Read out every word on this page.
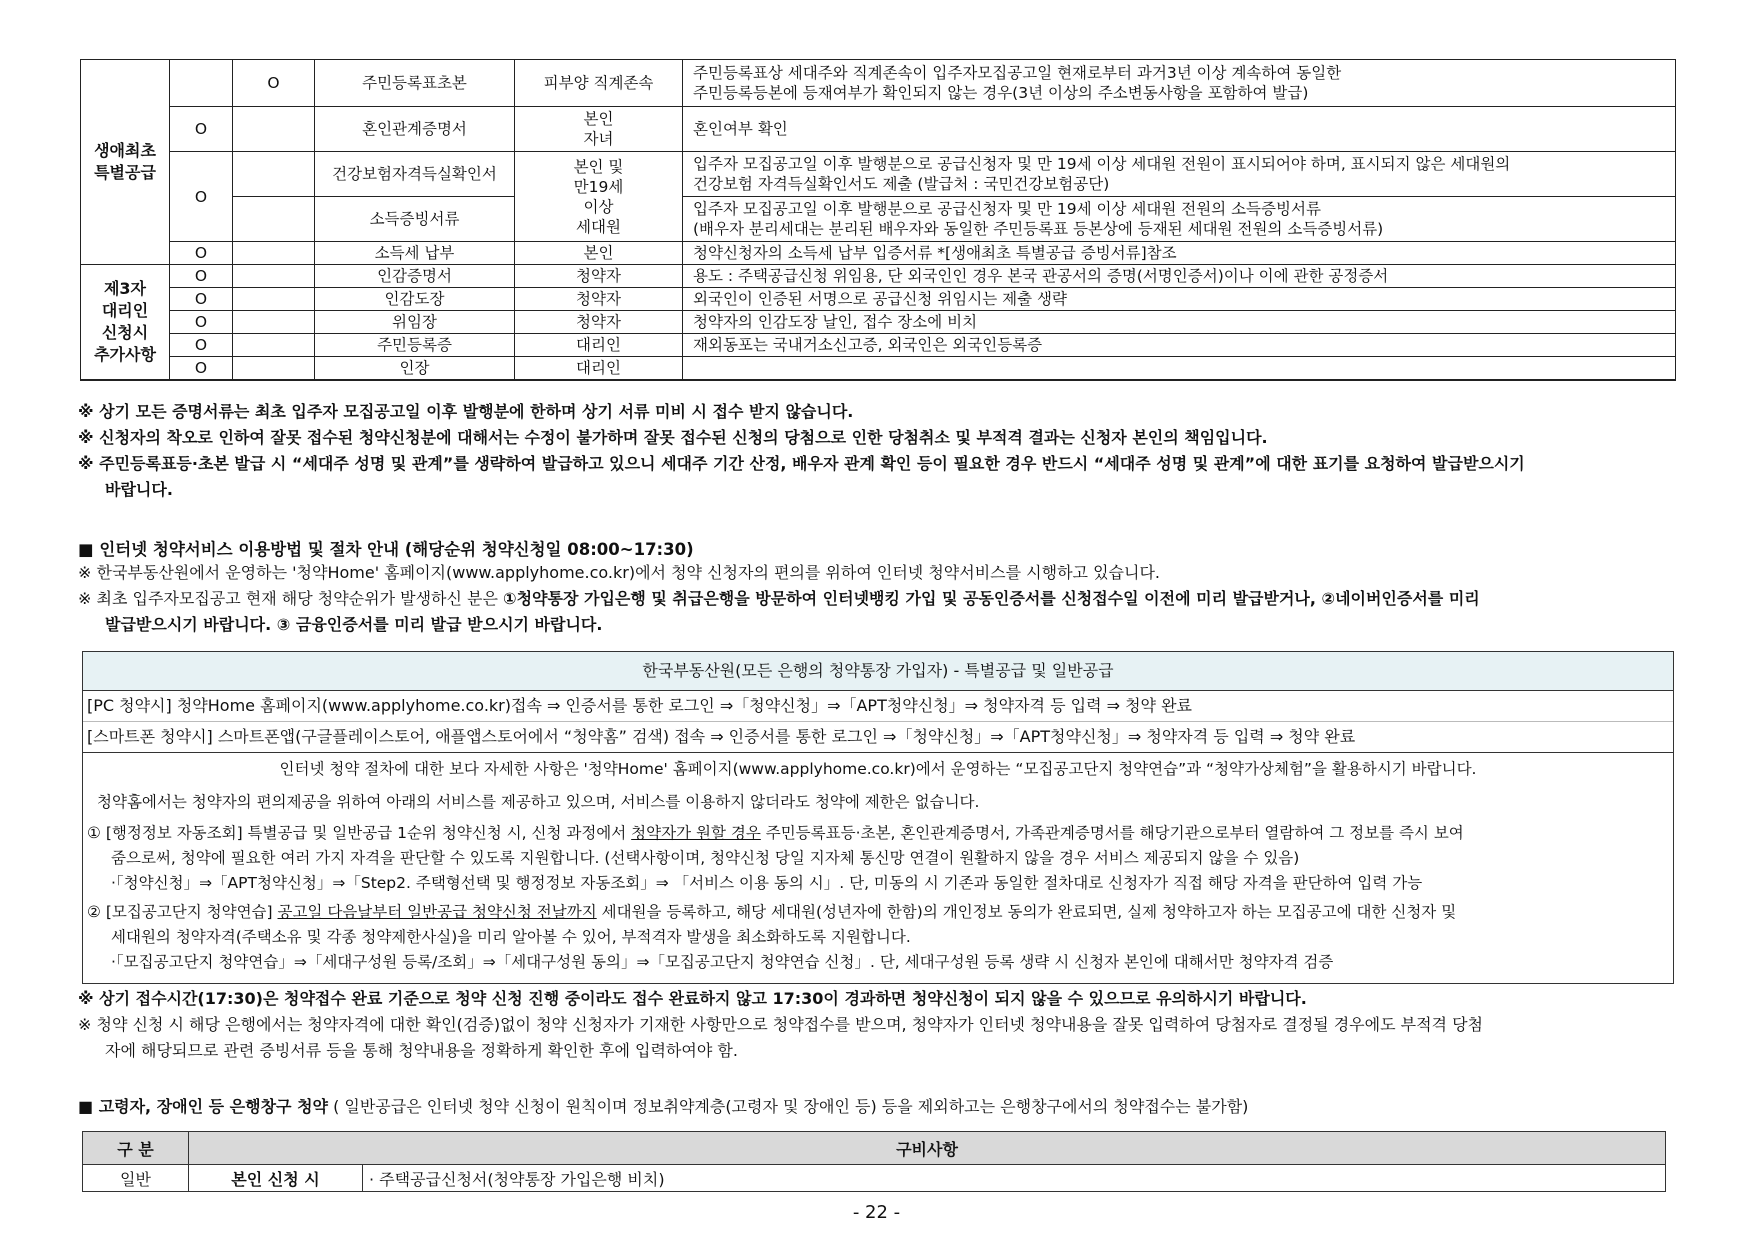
생애최초
특별공급		O	주민등록표초본	피부양 직계존속	주민등록표상 세대주와 직계존속이 입주자모집공고일 현재로부터 과거3년 이상 계속하여 동일한
주민등록등본에 등재여부가 확인되지 않는 경우(3년 이상의 주소변동사항을 포함하여 발급)
	O		혼인관계증명서	본인
자녀	혼인여부 확인
	O		건강보험자격득실확인서	본인 및
만19세
이상
세대원	입주자 모집공고일 이후 발행분으로 공급신청자 및 만 19세 이상 세대원 전원이 표시되어야 하며, 표시되지 않은 세대원의
건강보험 자격득실확인서도 제출 (발급처 : 국민건강보험공단)
			소득증빙서류		입주자 모집공고일 이후 발행분으로 공급신청자 및 만 19세 이상 세대원 전원의 소득증빙서류
(배우자 분리세대는 분리된 배우자와 동일한 주민등록표 등본상에 등재된 세대원 전원의 소득증빙서류)
	O		소득세 납부	본인	청약신청자의 소득세 납부 입증서류 *[생애최초 특별공급 증빙서류]참조
제3자
대리인
신청시
추가사항	O		인감증명서	청약자	용도 : 주택공급신청 위임용, 단 외국인인 경우 본국 관공서의 증명(서명인증서)이나 이에 관한 공정증서
	O		인감도장	청약자	외국인이 인증된 서명으로 공급신청 위임시는 제출 생략
	O		위임장	청약자	청약자의 인감도장 날인, 접수 장소에 비치
	O		주민등록증	대리인	재외동포는 국내거소신고증, 외국인은 외국인등록증
	O		인장	대리인	
※ 상기 모든 증명서류는 최초 입주자 모집공고일 이후 발행분에 한하며 상기 서류 미비 시 접수 받지 않습니다.
※ 신청자의 착오로 인하여 잘못 접수된 청약신청분에 대해서는 수정이 불가하며 잘못 접수된 신청의 당첨으로 인한 당첨취소 및 부적격 결과는 신청자 본인의 책임입니다.
※ 주민등록표등·초본 발급 시 “세대주 성명 및 관계”를 생략하여 발급하고 있으니 세대주 기간 산정, 배우자 관계 확인 등이 필요한 경우 반드시 “세대주 성명 및 관계”에 대한 표기를 요청하여 발급받으시기
바랍니다.
■ 인터넷 청약서비스 이용방법 및 절차 안내 (해당순위 청약신청일 08:00~17:30)
※ 한국부동산원에서 운영하는 '청약Home' 홈페이지(www.applyhome.co.kr)에서 청약 신청자의 편의를 위하여 인터넷 청약서비스를 시행하고 있습니다.
※ 최초 입주자모집공고 현재 해당 청약순위가 발생하신 분은 ①청약통장 가입은행 및 취급은행을 방문하여 인터넷뱅킹 가입 및 공동인증서를 신청접수일 이전에 미리 발급받거나, ②네이버인증서를 미리
발급받으시기 바랍니다. ③ 금융인증서를 미리 발급 받으시기 바랍니다.
한국부동산원(모든 은행의 청약통장 가입자) - 특별공급 및 일반공급
[PC 청약시] 청약Home 홈페이지(www.applyhome.co.kr)접속 ⇒ 인증서를 통한 로그인 ⇒「청약신청」⇒「APT청약신청」⇒ 청약자격 등 입력 ⇒ 청약 완료
[스마트폰 청약시] 스마트폰앱(구글플레이스토어, 애플앱스토어에서 “청약홈” 검색) 접속 ⇒ 인증서를 통한 로그인 ⇒「청약신청」⇒「APT청약신청」⇒ 청약자격 등 입력 ⇒ 청약 완료
인터넷 청약 절차에 대한 보다 자세한 사항은 '청약Home' 홈페이지(www.applyhome.co.kr)에서 운영하는 “모집공고단지 청약연습”과 “청약가상체험”을 활용하시기 바랍니다.

청약홈에서는 청약자의 편의제공을 위하여 아래의 서비스를 제공하고 있으며, 서비스를 이용하지 않더라도 청약에 제한은 없습니다.

① [행정정보 자동조회] 특별공급 및 일반공급 1순위 청약신청 시, 신청 과정에서 청약자가 원할 경우 주민등록표등·초본, 혼인관계증명서, 가족관계증명서를 해당기관으로부터 열람하여 그 정보를 즉시 보여

줌으로써, 청약에 필요한 여러 가지 자격을 판단할 수 있도록 지원합니다. (선택사항이며, 청약신청 당일 지자체 통신망 연결이 원활하지 않을 경우 서비스 제공되지 않을 수 있음)

·「청약신청」⇒「APT청약신청」⇒「Step2. 주택형선택 및 행정정보 자동조회」⇒ 「서비스 이용 동의 시」. 단, 미동의 시 기존과 동일한 절차대로 신청자가 직접 해당 자격을 판단하여 입력 가능

② [모집공고단지 청약연습] 공고일 다음날부터 일반공급 청약신청 전날까지 세대원을 등록하고, 해당 세대원(성년자에 한함)의 개인정보 동의가 완료되면, 실제 청약하고자 하는 모집공고에 대한 신청자 및

세대원의 청약자격(주택소유 및 각종 청약제한사실)을 미리 알아볼 수 있어, 부적격자 발생을 최소화하도록 지원합니다.

·「모집공고단지 청약연습」⇒「세대구성원 등록/조회」⇒「세대구성원 동의」⇒「모집공고단지 청약연습 신청」. 단, 세대구성원 등록 생략 시 신청자 본인에 대해서만 청약자격 검증

※ 상기 접수시간(17:30)은 청약접수 완료 기준으로 청약 신청 진행 중이라도 접수 완료하지 않고 17:30이 경과하면 청약신청이 되지 않을 수 있으므로 유의하시기 바랍니다.
※ 청약 신청 시 해당 은행에서는 청약자격에 대한 확인(검증)없이 청약 신청자가 기재한 사항만으로 청약접수를 받으며, 청약자가 인터넷 청약내용을 잘못 입력하여 당첨자로 결정될 경우에도 부적격 당첨
자에 해당되므로 관련 증빙서류 등을 통해 청약내용을 정확하게 확인한 후에 입력하여야 함.
■ 고령자, 장애인 등 은행창구 청약 ( 일반공급은 인터넷 청약 신청이 원칙이며 정보취약계층(고령자 및 장애인 등) 등을 제외하고는 은행창구에서의 청약접수는 불가함)
구 분	구비사항	
일반	본인 신청 시	· 주택공급신청서(청약통장 가입은행 비치)
- 22 -
